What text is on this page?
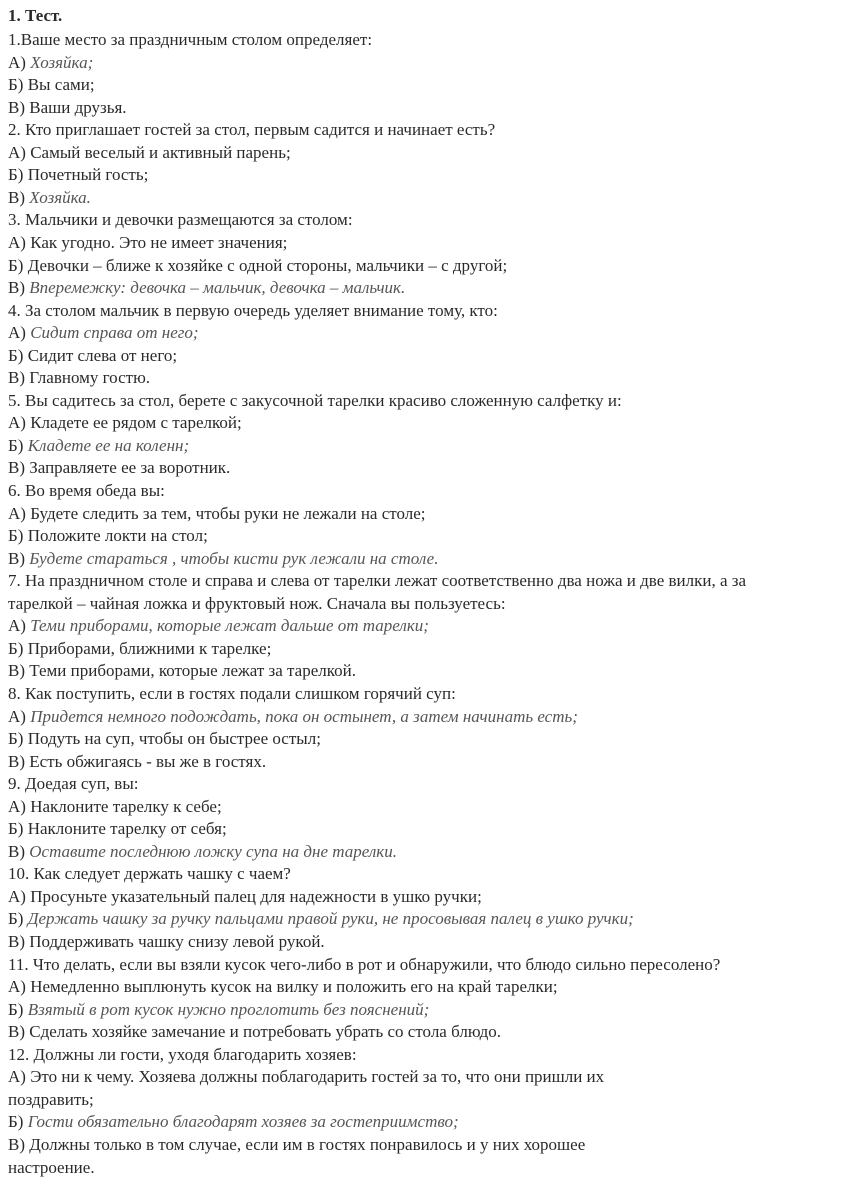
1. Тест.
1.Ваше место за праздничным столом определяет:
А) Хозяйка;
Б) Вы сами;
В) Ваши друзья.
2. Кто приглашает гостей за стол, первым садится и начинает есть?
А) Самый веселый и активный парень;
Б) Почетный гость;
В) Хозяйка.
3. Мальчики и девочки размещаются за столом:
А) Как угодно. Это не имеет значения;
Б) Девочки – ближе к хозяйке с одной стороны, мальчики – с другой;
В) Вперемежку: девочка – мальчик, девочка – мальчик.
4. За столом мальчик в первую очередь уделяет внимание тому, кто:
А) Сидит справа от него;
Б) Сидит слева от него;
В) Главному гостю.
5. Вы садитесь за стол, берете с закусочной тарелки красиво сложенную салфетку и:
А) Кладете ее рядом с тарелкой;
Б) Кладете ее на коленн;
В) Заправляете ее за воротник.
6. Во время обеда вы:
А) Будете следить за тем, чтобы руки не лежали на столе;
Б) Положите локти на стол;
В) Будете стараться , чтобы кисти рук лежали на столе.
7. На праздничном столе и справа и слева от тарелки лежат соответственно два ножа и две вилки, а за
тарелкой – чайная ложка и фруктовый нож. Сначала вы пользуетесь:
А) Теми приборами, которые лежат дальше от тарелки;
Б) Приборами, ближними к тарелке;
В) Теми приборами, которые лежат за тарелкой.
8. Как поступить, если в гостях подали слишком горячий суп:
А) Придется немного подождать, пока он остынет, а затем начинать есть;
Б) Подуть на суп, чтобы он быстрее остыл;
В) Есть обжигаясь - вы же в гостях.
9. Доедая суп, вы:
А) Наклоните тарелку к себе;
Б) Наклоните тарелку от себя;
В) Оставите последнюю ложку супа на дне тарелки.
10. Как следует держать чашку с чаем?
А) Просуньте указательный палец для надежности в ушко ручки;
Б) Держать чашку за ручку пальцами правой руки, не просовывая палец в ушко ручки;
В) Поддерживать чашку снизу левой рукой.
11. Что делать, если вы взяли кусок чего-либо в рот и обнаружили, что блюдо сильно пересолено?
А) Немедленно выплюнуть кусок на вилку и положить его на край тарелки;
Б) Взятый в рот кусок нужно проглотить без пояснений;
В) Сделать хозяйке замечание и потребовать убрать со стола блюдо.
12. Должны ли гости, уходя благодарить хозяев:
А) Это ни к чему. Хозяева должны поблагодарить гостей за то, что они пришли их
поздравить;
Б) Гости обязательно благодарят хозяев за гостеприимство;
В) Должны только в том случае, если им в гостях понравилось и у них хорошее
настроение.
